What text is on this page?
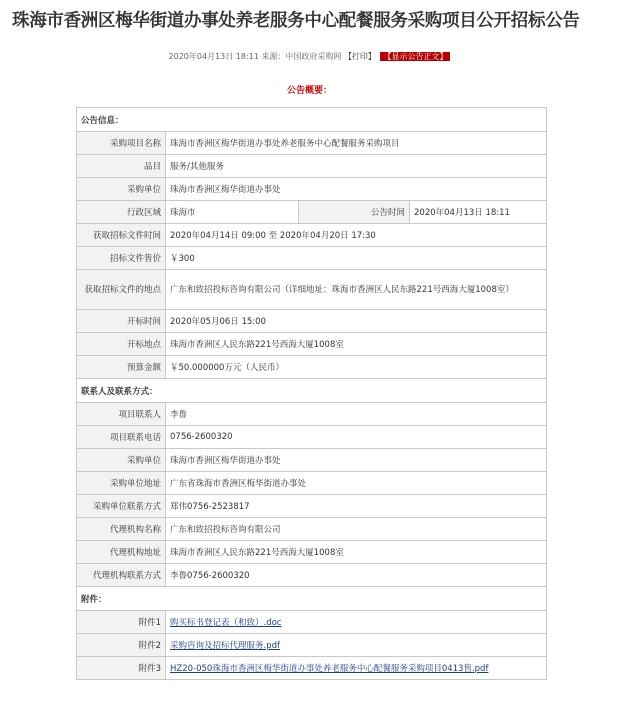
珠海市香洲区梅华街道办事处养老服务中心配餐服务采购项目公开招标公告
2020年04月13日 18:11 来源：中国政府采购网 【打印】 【显示公告正文】
公告概要：
公告信息：			
采购项目名称	珠海市香洲区梅华街道办事处养老服务中心配餐服务采购项目		
品目	服务/其他服务		
采购单位	珠海市香洲区梅华街道办事处		
行政区域	珠海市	公告时间	2020年04月13日 18:11
获取招标文件时间	2020年04月14日 09:00 至 2020年04月20日 17:30		
招标文件售价	￥300		
获取招标文件的地点	广东和致招投标咨询有限公司（详细地址：珠海市香洲区人民东路221号西海大厦1008室）		
开标时间	2020年05月06日 15:00		
开标地点	珠海市香洲区人民东路221号西海大厦1008室		
预算金额	￥50.000000万元（人民币）		
联系人及联系方式：			
项目联系人	李鲁		
项目联系电话	0756-2600320		
采购单位	珠海市香洲区梅华街道办事处		
采购单位地址	广东省珠海市香洲区梅华街道办事处		
采购单位联系方式	郑伟0756-2523817		
代理机构名称	广东和致招投标咨询有限公司		
代理机构地址	珠海市香洲区人民东路221号西海大厦1008室		
代理机构联系方式	李鲁0756-2600320		
附件：			
附件1	购买标书登记表（和致）.doc		
附件2	采购咨询及招标代理服务.pdf		
附件3	HZ20-050珠海市香洲区梅华街道办事处养老服务中心配餐服务采购项目0413售.pdf		
